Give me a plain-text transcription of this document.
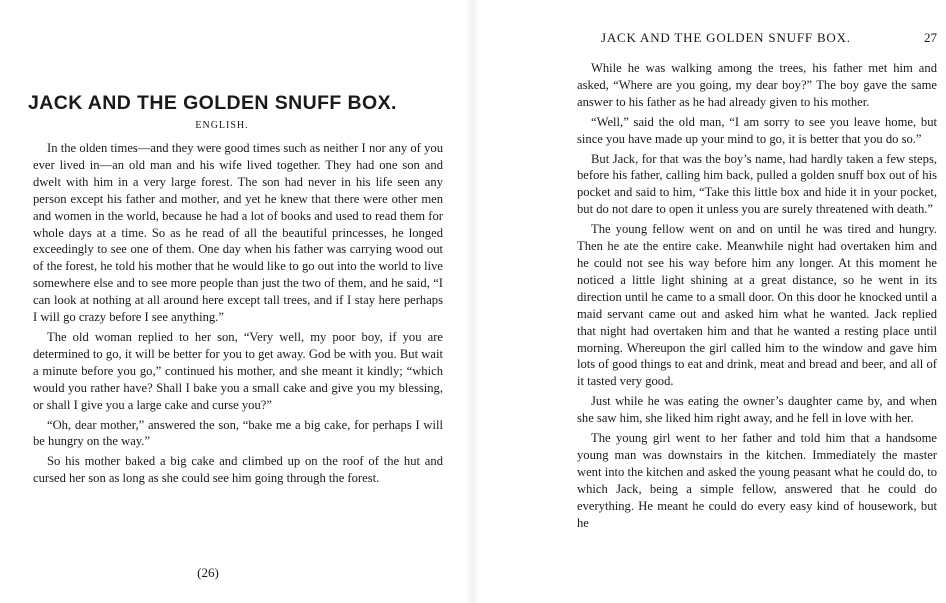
JACK AND THE GOLDEN SNUFF BOX.
ENGLISH.

In the olden times—and they were good times such as neither I nor any of you ever lived in—an old man and his wife lived together. They had one son and dwelt with him in a very large forest. The son had never in his life seen any person except his father and mother, and yet he knew that there were other men and women in the world, because he had a lot of books and used to read them for whole days at a time. So as he read of all the beautiful princesses, he longed exceedingly to see one of them. One day when his father was carrying wood out of the forest, he told his mother that he would like to go out into the world to live somewhere else and to see more people than just the two of them, and he said, “I can look at nothing at all around here except tall trees, and if I stay here perhaps I will go crazy before I see anything.”

The old woman replied to her son, “Very well, my poor boy, if you are determined to go, it will be better for you to get away. God be with you. But wait a minute before you go,” continued his mother, and she meant it kindly; “which would you rather have? Shall I bake you a small cake and give you my blessing, or shall I give you a large cake and curse you?”

“Oh, dear mother,” answered the son, “bake me a big cake, for perhaps I will be hungry on the way.”

So his mother baked a big cake and climbed up on the roof of the hut and cursed her son as long as she could see him going through the forest.

(26)
JACK AND THE GOLDEN SNUFF BOX.	27

While he was walking among the trees, his father met him and asked, “Where are you going, my dear boy?” The boy gave the same answer to his father as he had already given to his mother.

“Well,” said the old man, “I am sorry to see you leave home, but since you have made up your mind to go, it is better that you do so.”

But Jack, for that was the boy’s name, had hardly taken a few steps, before his father, calling him back, pulled a golden snuff box out of his pocket and said to him, “Take this little box and hide it in your pocket, but do not dare to open it unless you are surely threatened with death.”

The young fellow went on and on until he was tired and hungry. Then he ate the entire cake. Meanwhile night had overtaken him and he could not see his way before him any longer. At this moment he noticed a little light shining at a great distance, so he went in its direction until he came to a small door. On this door he knocked until a maid servant came out and asked him what he wanted. Jack replied that night had overtaken him and that he wanted a resting place until morning. Whereupon the girl called him to the window and gave him lots of good things to eat and drink, meat and bread and beer, and all of it tasted very good.

Just while he was eating the owner’s daughter came by, and when she saw him, she liked him right away, and he fell in love with her.

The young girl went to her father and told him that a handsome young man was downstairs in the kitchen. Immediately the master went into the kitchen and asked the young peasant what he could do, to which Jack, being a simple fellow, answered that he could do everything. He meant he could do every easy kind of housework, but he
